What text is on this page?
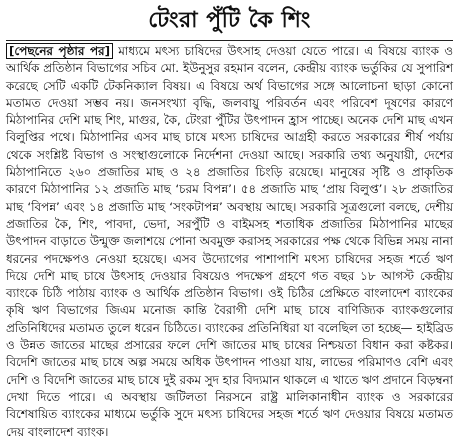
টেংরা পুঁটি কৈ শিং

[পেছনের পৃষ্ঠার পর] মাধ্যমে মৎস্য চাষিদের উৎসাহ দেওয়া যেতে পারে। এ বিষয়ে ব্যাংক ও আর্থিক প্রতিষ্ঠান বিভাগের সচিব মো. ইউনুসুর রহমান বলেন, কেন্দ্রীয় ব্যাংক ভর্তুকির যে সুপারিশ করেছে সেটি একটি টেকনিক্যাল বিষয়। এ বিষয়ে অর্থ বিভাগের সঙ্গে আলোচনা ছাড়া কোনো মতামত দেওয়া সম্ভব নয়। জনসংখ্যা বৃদ্ধি, জলবায়ু পরিবর্তন এবং পরিবেশ দূষণের কারণে মিঠাপানির দেশি মাছ শিং, মাগুর, কৈ, টেংরা পুঁটির উৎপাদন হ্রাস পাচ্ছে। অনেক দেশি মাছ এখন বিলুপ্তির পথে। মিঠাপানির এসব মাছ চাষে মৎস্য চাষিদের আগ্রহী করতে সরকারের শীর্ষ পর্যায় থেকে সংশ্লিষ্ট বিভাগ ও সংস্থাগুলোকে নির্দেশনা দেওয়া আছে। সরকারি তথ্য অনুযায়ী, দেশের মিঠাপানিতে ২৬০ প্রজাতির মাছ ও ২৪ প্রজাতির চিংড়ি রয়েছে। মানুষের সৃষ্টি ও প্রাকৃতিক কারণে মিঠাপানির ১২ প্রজাতি মাছ ‘চরম বিপন্ন’। ৫৪ প্রজাতি মাছ ‘প্রায় বিলুপ্ত’। ২৮ প্রজাতির মাছ ‘বিপন্ন’ এবং ১৪ প্রজাতি মাছ ‘সংকটাপন্ন’ অবস্থায় আছে। সরকারি সূত্রগুলো বলছে, দেশীয় প্রজাতির কৈ, শিং, পাবদা, ভেদা, সরপুঁটি ও বাইমসহ শতাধিক প্রজাতির মিঠাপানির মাছের উৎপাদন বাড়াতে উন্মুক্ত জলাশয়ে পোনা অবমুক্ত করাসহ সরকারের পক্ষ থেকে বিভিন্ন সময় নানা ধরনের পদক্ষেপও নেওয়া হয়েছে। এসব উদ্যোগের পাশাপাশি মৎস্য চাষিদের সহজ শর্তে ঋণ দিয়ে দেশি মাছ চাষে উৎসাহ দেওয়ার বিষয়েও পদক্ষেপ গ্রহণে গত বছর ১৮ আগস্ট কেন্দ্রীয় ব্যাংকে চিঠি পাঠায় ব্যাংক ও আর্থিক প্রতিষ্ঠান বিভাগ। ওই চিঠির প্রেক্ষিতে বাংলাদেশ ব্যাংকের কৃষি ঋণ বিভাগের জিএম মনোজ কান্তি বৈরাগী দেশি মাছ চাষে বাণিজ্যিক ব্যাংকগুলোর প্রতিনিধিদের মতামত তুলে ধরেন চিঠিতে। ব্যাংকের প্রতিনিধিরা যা বলেছিল তা হচ্ছে— হাইব্রিড ও উন্নত জাতের মাছের প্রসারের ফলে দেশি জাতের মাছ চাষের নিশ্চয়তা বিধান করা কষ্টকর। বিদেশি জাতের মাছ চাষে অল্প সময়ে অধিক উৎপাদন পাওয়া যায়, লাভের পরিমাণও বেশি এবং দেশি ও বিদেশি জাতের মাছ চাষে দুই রকম সুদ হার বিদ্যমান থাকলে এ খাতে ঋণ প্রদানে বিড়ম্বনা দেখা দিতে পারে। এ অবস্থায় জটিলতা নিরসনে রাষ্ট্র মালিকানাধীন ব্যাংক ও সরকারের বিশেষায়িত ব্যাংকের মাধ্যমে ভর্তুকি সুদে মৎস্য চাষিদের সহজ শর্তে ঋণ দেওয়ার বিষয়ে মতামত দেয় বাংলাদেশ ব্যাংক।
